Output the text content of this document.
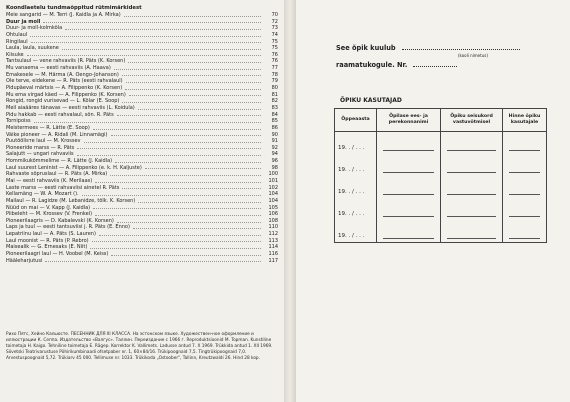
Koondlaetelu tundmaõppitud rütmimärkidest
Meie sangarid — M. Terri (J. Kaidla ja A. Mirka)	70
Duur ja moll	72
Duur- ja moll-kolmkõla	73
Ohtulaul	74
Ringilaul	75
Laula, laula, suukene	75
Kiisuke	76
Tantsulaul — vene rahvaviis (R. Päts (K. Korsen)	76
Mu vanaema — eesti rahvaviis (A. Haava)	77
Emakesele — M. Härma (A. Oengo-Johanson)	78
Ole terve, eidekene — R. Päts (eesti rahvalaul)	79
Pidupäeval märtsis — A. Filippenko (K. Korsen)	80
Mu ema virgad käed — A. Filippenko (K. Korsen)	81
Rongid, rongid vurisevad — L. Kõlar (E. Soop)	82
Meil aiaääres tänavas — eesti rahvaviis (L. Koidula)	83
Pidu hakkab — eesti rahvalaul, sõn. R. Päts	84
Tornipoiss	85
Meistermees — R. Lätte (E. Soop)	86
Väike pioneer — A. Ridali (M. Linnamägi)	90
Puutöölisте laul — M. Krossev	91
Pioneeride marss — R. Päts	92
Salajutt — ungari rahvaviis	94
Hommikukõmmelime — R. Lätte (J. Kaidla)	96
Laul suurest Leninist — A. Filippenko (e. k. H. Kaljuste)	98
Rahvaste sõpruslaul — R. Päts (A. Mirka)	100
Mai — eesti rahvaviis (K. Merilaas)	101
Laste marss — eesti rahvaviisi ainetel R. Päts	102
Kellamäng — W. A. Mozart ().	104
Mailaul — R. Lagidze (M. Lebanidze, tõlk. K. Korsen)	104
Nüüd on mai — V. Kapp (J. Kaidla)	105
Piibeleht — M. Krossev (V. Frenkel)	106
Pioneerilaagris — D. Kabalevski (K. Korsen)	108
Laps ja tuul — eesti tantsuviisi j. R. Päts (E. Enno)	110
Lepatriinu laul — A. Päts (S. Lauren)	112
Laul moonist — R. Päts (P. Rebro)	113
Maisealik — G. Ernesaks (E. Niit)	114
Pioneerilaagri laul — H. Voobel (M. Keiss)	116
Häälеharjutusi	117
Рихо Пятс, Хейно Кальюсте. ПЕСЕННИК ДЛЯ III КЛАССА. На эстонском языке. Художествен-ное оформление и иллюстрации К. Сеппа. Издательство «Валгус». Таллин. Переиздание с 1966 г. Reproduktsioonid M. Topman. Kunstiline toimetaja H. Kaigo. Tehniline toimetaja E. Rägep. Korrektor K. Vallimets. Ladusse antud 7. X 1969. Trükkida antud 1. XII 1969. Sõvetski Teatrivarustuse Põhirikumbinaadi ofsetpaber nr. 1, 60×84/16. Trükipoognaid 7,5. Tingtrükipoognaid 7,0. Arvestuspoognaid 5,72. Trükiarv 45 000. Tellimuse nr. 1033. Trükikoda „Ostoober", Tallinn, Kreutzwaldi 26. Hind 28 kop.
See õpik kuulub
(kooli nimetus)
raamatukogule. Nr.
ÕPIKU KASUTAJAD
Õppeaasta	Õpilase ees- ja perekonnanimi	Õpiku seisukord vastuvõtmisel	Hinne õpiku kasutajale
19. . / . . .	

19. . / . . .	

19. . / . . .	

19. . / . . .	

19. . / . . .	
